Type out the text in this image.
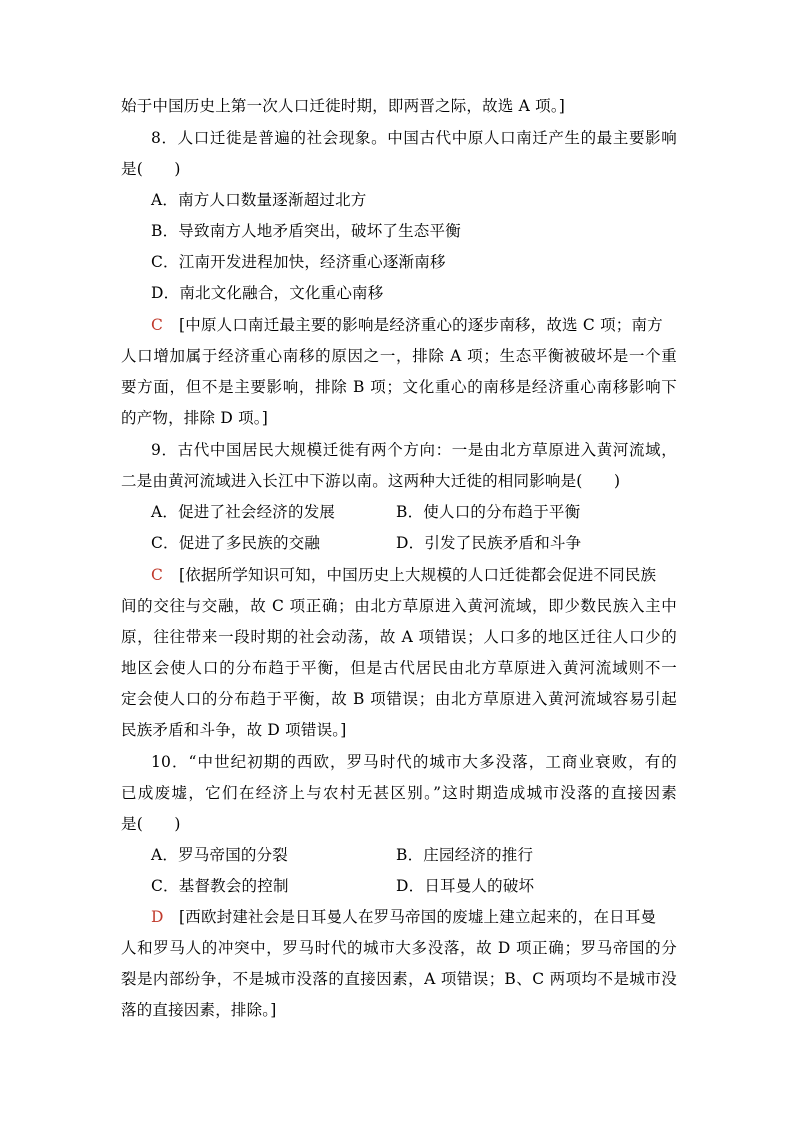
始于中国历史上第一次人口迁徙时期，即两晋之际，故选 A 项。]
8．人口迁徙是普遍的社会现象。中国古代中原人口南迁产生的最主要影响
是(　　)
A．南方人口数量逐渐超过北方
B．导致南方人地矛盾突出，破坏了生态平衡
C．江南开发进程加快，经济重心逐渐南移
D．南北文化融合，文化重心南移
C [中原人口南迁最主要的影响是经济重心的逐步南移，故选 C 项；南方
人口增加属于经济重心南移的原因之一，排除 A 项；生态平衡被破坏是一个重
要方面，但不是主要影响，排除 B 项；文化重心的南移是经济重心南移影响下
的产物，排除 D 项。]
9．古代中国居民大规模迁徙有两个方向：一是由北方草原进入黄河流域，
二是由黄河流域进入长江中下游以南。这两种大迁徙的相同影响是(　　)
A．促进了社会经济的发展	B．使人口的分布趋于平衡
C．促进了多民族的交融	D．引发了民族矛盾和斗争
C [依据所学知识可知，中国历史上大规模的人口迁徙都会促进不同民族
间的交往与交融，故 C 项正确；由北方草原进入黄河流域，即少数民族入主中
原，往往带来一段时期的社会动荡，故 A 项错误；人口多的地区迁往人口少的
地区会使人口的分布趋于平衡，但是古代居民由北方草原进入黄河流域则不一
定会使人口的分布趋于平衡，故 B 项错误；由北方草原进入黄河流域容易引起
民族矛盾和斗争，故 D 项错误。]
10．“中世纪初期的西欧，罗马时代的城市大多没落，工商业衰败，有的
已成废墟，它们在经济上与农村无甚区别。”这时期造成城市没落的直接因素
是(　　)
A．罗马帝国的分裂	B．庄园经济的推行
C．基督教会的控制	D．日耳曼人的破坏
D [西欧封建社会是日耳曼人在罗马帝国的废墟上建立起来的，在日耳曼
人和罗马人的冲突中，罗马时代的城市大多没落，故 D 项正确；罗马帝国的分
裂是内部纷争，不是城市没落的直接因素，A 项错误；B、C 两项均不是城市没
落的直接因素，排除。]
